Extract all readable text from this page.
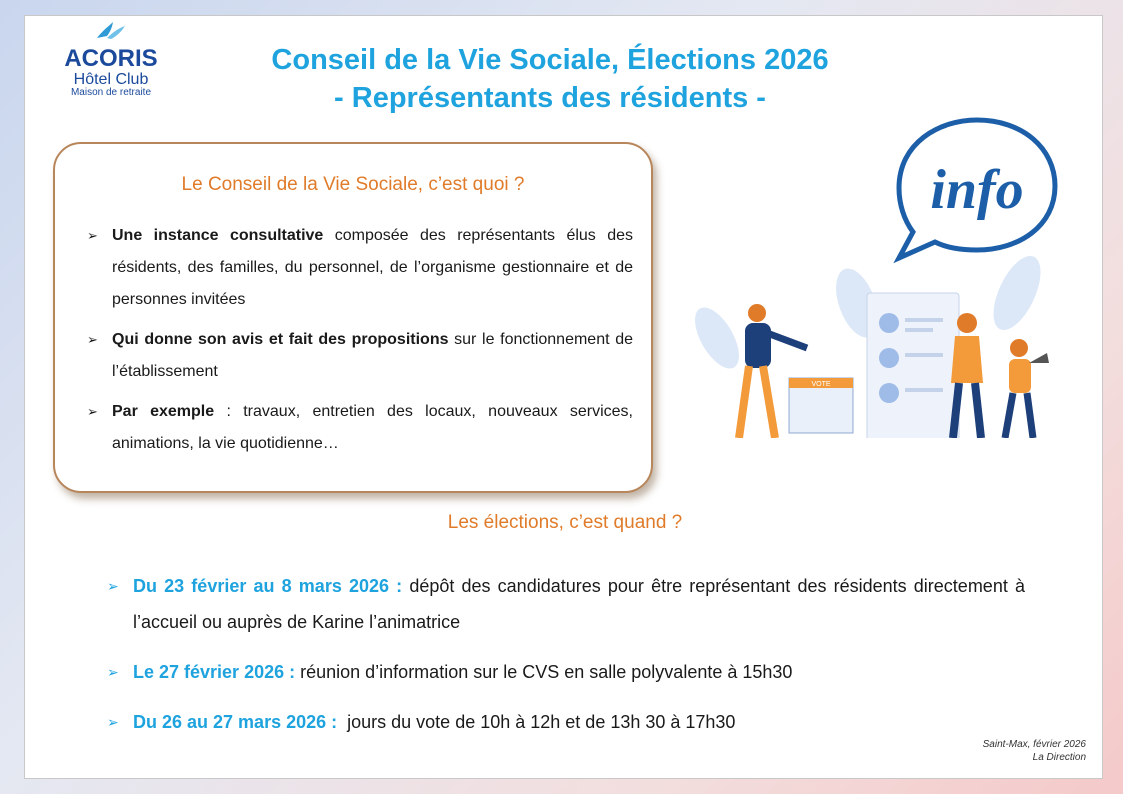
ACORIS
Hôtel Club
Maison de retraite
Conseil de la Vie Sociale, Élections 2026
- Représentants des résidents -
Le Conseil de la Vie Sociale, c’est quoi ?
➢ Une instance consultative composée des représentants élus des résidents, des familles, du personnel, de l’organisme gestionnaire et de personnes invitées
➢ Qui donne son avis et fait des propositions sur le fonctionnement de l’établissement
➢ Par exemple : travaux, entretien des locaux, nouveaux services, animations, la vie quotidienne…
info
VOTE
Les élections, c’est quand ?
➢ Du 23 février au 8 mars 2026 : dépôt des candidatures pour être représentant des résidents directement à l’accueil ou auprès de Karine l’animatrice
➢ Le 27 février 2026 : réunion d’information sur le CVS en salle polyvalente à 15h30
➢ Du 26 au 27 mars 2026 :  jours du vote de 10h à 12h et de 13h 30 à 17h30
Saint-Max, février 2026
La Direction
